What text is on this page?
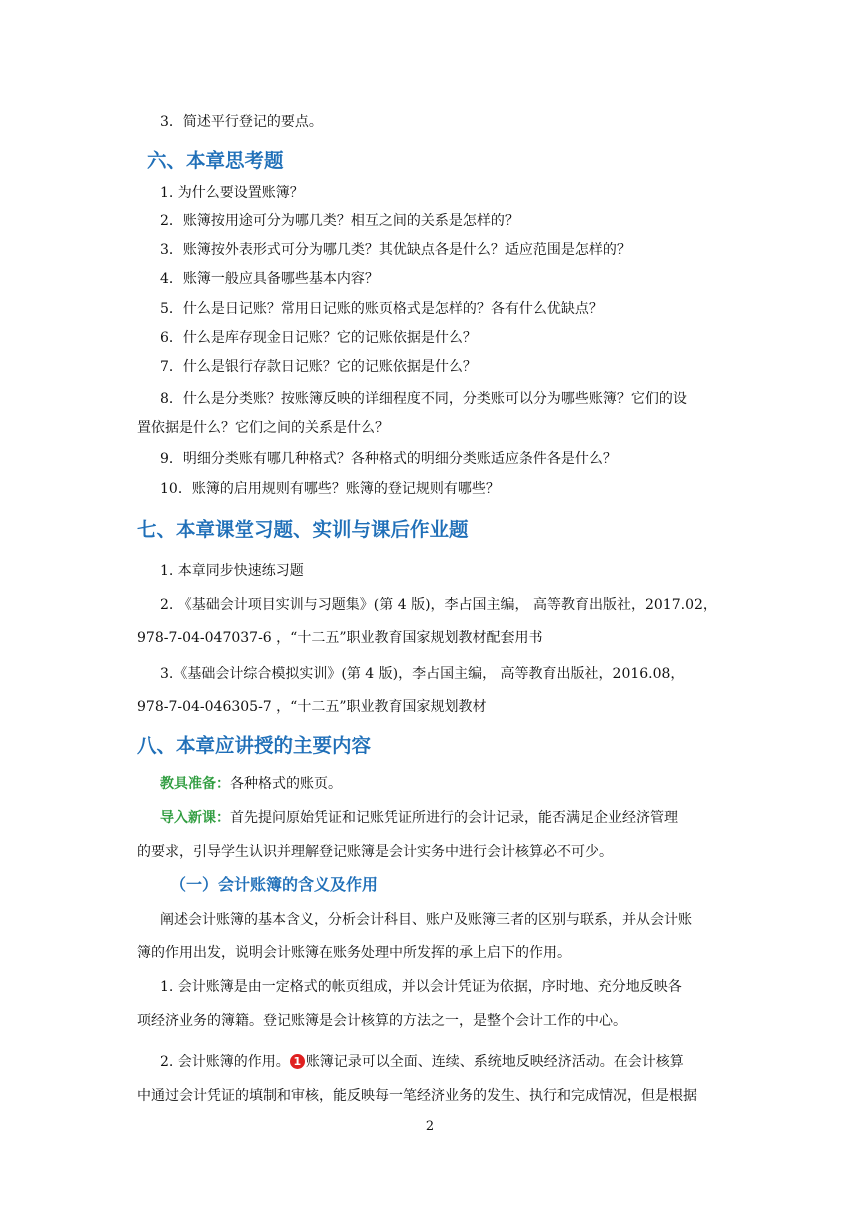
3．简述平行登记的要点。
六、本章思考题
1. 为什么要设置账簿？
2．账簿按用途可分为哪几类？相互之间的关系是怎样的？
3．账簿按外表形式可分为哪几类？其优缺点各是什么？适应范围是怎样的？
4．账簿一般应具备哪些基本内容？
5．什么是日记账？常用日记账的账页格式是怎样的？各有什么优缺点？
6．什么是库存现金日记账？它的记账依据是什么？
7．什么是银行存款日记账？它的记账依据是什么？
8．什么是分类账？按账簿反映的详细程度不同，分类账可以分为哪些账簿？它们的设
置依据是什么？它们之间的关系是什么？
9．明细分类账有哪几种格式？各种格式的明细分类账适应条件各是什么？
10．账簿的启用规则有哪些？账簿的登记规则有哪些？
七、本章课堂习题、实训与课后作业题
1. 本章同步快速练习题
2. 《基础会计项目实训与习题集》(第 4 版)，李占国主编， 高等教育出版社，2017.02，
978-7-04-047037-6 ，“十二五”职业教育国家规划教材配套用书
3.《基础会计综合模拟实训》(第 4 版)，李占国主编， 高等教育出版社，2016.08，
978-7-04-046305-7 ，“十二五”职业教育国家规划教材
八、本章应讲授的主要内容
教具准备：各种格式的账页。
导入新课：首先提问原始凭证和记账凭证所进行的会计记录，能否满足企业经济管理
的要求，引导学生认识并理解登记账簿是会计实务中进行会计核算必不可少。
（一）会计账簿的含义及作用
阐述会计账簿的基本含义，分析会计科目、账户及账簿三者的区别与联系，并从会计账
簿的作用出发，说明会计账簿在账务处理中所发挥的承上启下的作用。
1. 会计账簿是由一定格式的帐页组成，并以会计凭证为依据，序时地、充分地反映各
项经济业务的簿籍。登记账簿是会计核算的方法之一，是整个会计工作的中心。
2. 会计账簿的作用。 1 账簿记录可以全面、连续、系统地反映经济活动。在会计核算
中通过会计凭证的填制和审核，能反映每一笔经济业务的发生、执行和完成情况，但是根据
2
